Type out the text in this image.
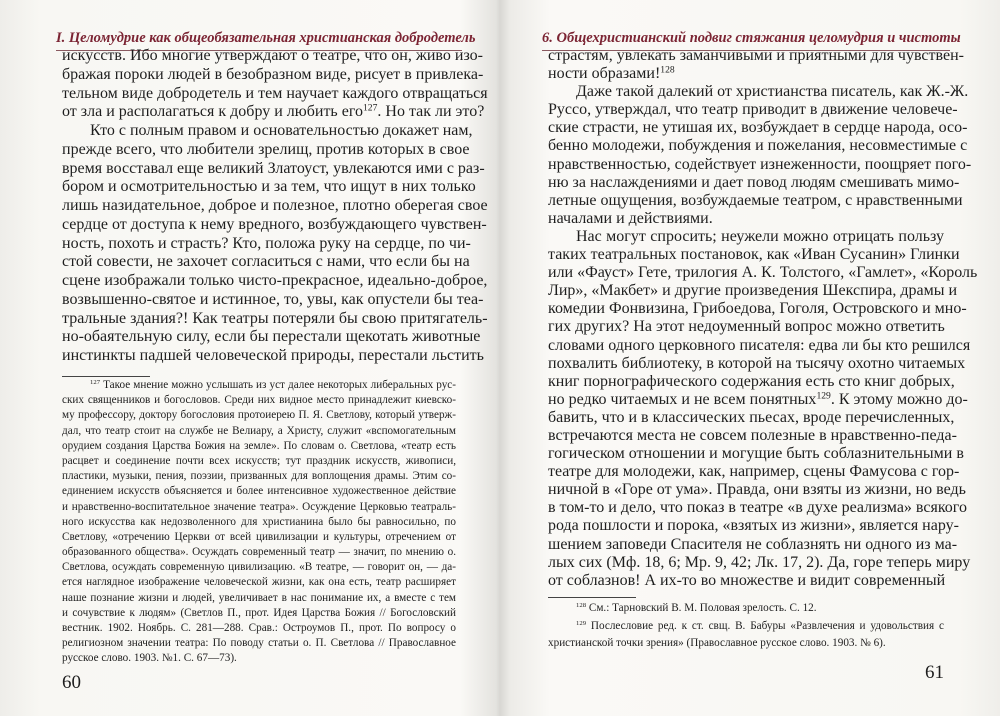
I. Целомудрие как общеобязательная христианская добродетель
искусств. Ибо многие утверждают о театре, что он, живо изо-
бражая пороки людей в безобразном виде, рисует в привлека-
тельном виде добродетель и тем научает каждого отвращаться
от зла и располагаться к добру и любить его$^{127}$. Но так ли это?
Кто с полным правом и основательностью докажет нам,
прежде всего, что любители зрелищ, против которых в свое
время восставал еще великий Златоуст, увлекаются ими с раз-
бором и осмотрительностью и за тем, что ищут в них только
лишь назидательное, доброе и полезное, плотно оберегая свое
сердце от доступа к нему вредного, возбуждающего чувствен-
ность, похоть и страсть? Кто, положа руку на сердце, по чи-
стой совести, не захочет согласиться с нами, что если бы на
сцене изображали только чисто-прекрасное, идеально-доброе,
возвышенно-святое и истинное, то, увы, как опустели бы теа-
тральные здания?! Как театры потеряли бы свою притягатель-
но-обаятельную силу, если бы перестали щекотать животные
инстинкты падшей человеческой природы, перестали льстить
$^{127}$ Такое мнение можно услышать из уст далее некоторых либеральных рус-
ских священников и богословов. Среди них видное место принадлежит киевско-
му профессору, доктору богословия протоиерею П. Я. Светлову, который утверж-
дал, что театр стоит на службе не Велиару, а Христу, служит «вспомогательным
орудием создания Царства Божия на земле». По словам о. Светлова, «театр есть
расцвет и соединение почти всех искусств; тут праздник искусств, живописи,
пластики, музыки, пения, поэзии, призванных для воплощения драмы. Этим со-
единением искусств объясняется и более интенсивное художественное действие
и нравственно-воспитательное значение театра». Осуждение Церковью театраль-
ного искусства как недозволенного для христианина было бы равносильно, по
Светлову, «отречению Церкви от всей цивилизации и культуры, отречением от
образованного общества». Осуждать современный театр — значит, по мнению о.
Светлова, осуждать современную цивилизацию. «В театре, — говорит он, — да-
ется наглядное изображение человеческой жизни, как она есть, театр расширяет
наше познание жизни и людей, увеличивает в нас понимание их, а вместе с тем
и сочувствие к людям» (Светлов П., прот. Идея Царства Божия // Богословский
вестник. 1902. Ноябрь. С. 281—288. Срав.: Остроумов П., прот. По вопросу о
религиозном значении театра: По поводу статьи о. П. Светлова // Православное
русское слово. 1903. №1. С. 67—73).
60
6. Общехристианский подвиг стяжания целомудрия и чистоты
страстям, увлекать заманчивыми и приятными для чувствен-
ности образами!$^{128}$
Даже такой далекий от христианства писатель, как Ж.-Ж.
Руссо, утверждал, что театр приводит в движение человече-
ские страсти, не утишая их, возбуждает в сердце народа, осо-
бенно молодежи, побуждения и пожелания, несовместимые с
нравственностью, содействует изнеженности, поощряет пого-
ню за наслаждениями и дает повод людям смешивать мимо-
летные ощущения, возбуждаемые театром, с нравственными
началами и действиями.
Нас могут спросить; неужели можно отрицать пользу
таких театральных постановок, как «Иван Сусанин» Глинки
или «Фауст» Гете, трилогия А. К. Толстого, «Гамлет», «Король
Лир», «Макбет» и другие произведения Шекспира, драмы и
комедии Фонвизина, Грибоедова, Гоголя, Островского и мно-
гих других? На этот недоуменный вопрос можно ответить
словами одного церковного писателя: едва ли бы кто решился
похвалить библиотеку, в которой на тысячу охотно читаемых
книг порнографического содержания есть сто книг добрых,
но редко читаемых и не всем понятных$^{129}$. К этому можно до-
бавить, что и в классических пьесах, вроде перечисленных,
встречаются места не совсем полезные в нравственно-педа-
гогическом отношении и могущие быть соблазнительными в
театре для молодежи, как, например, сцены Фамусова с гор-
ничной в «Горе от ума». Правда, они взяты из жизни, но ведь
в том-то и дело, что показ в театре «в духе реализма» всякого
рода пошлости и порока, «взятых из жизни», является нару-
шением заповеди Спасителя не соблазнять ни одного из ма-
лых сих (Мф. 18, 6; Мр. 9, 42; Лк. 17, 2). Да, горе теперь миру
от соблазнов! А их-то во множестве и видит современный
$^{128}$ См.: Тарновский В. М. Половая зрелость. С. 12.
$^{129}$ Послесловие ред. к ст. свщ. В. Бабуры «Развлечения и удовольствия с
христианской точки зрения» (Православное русское слово. 1903. № 6).
61
